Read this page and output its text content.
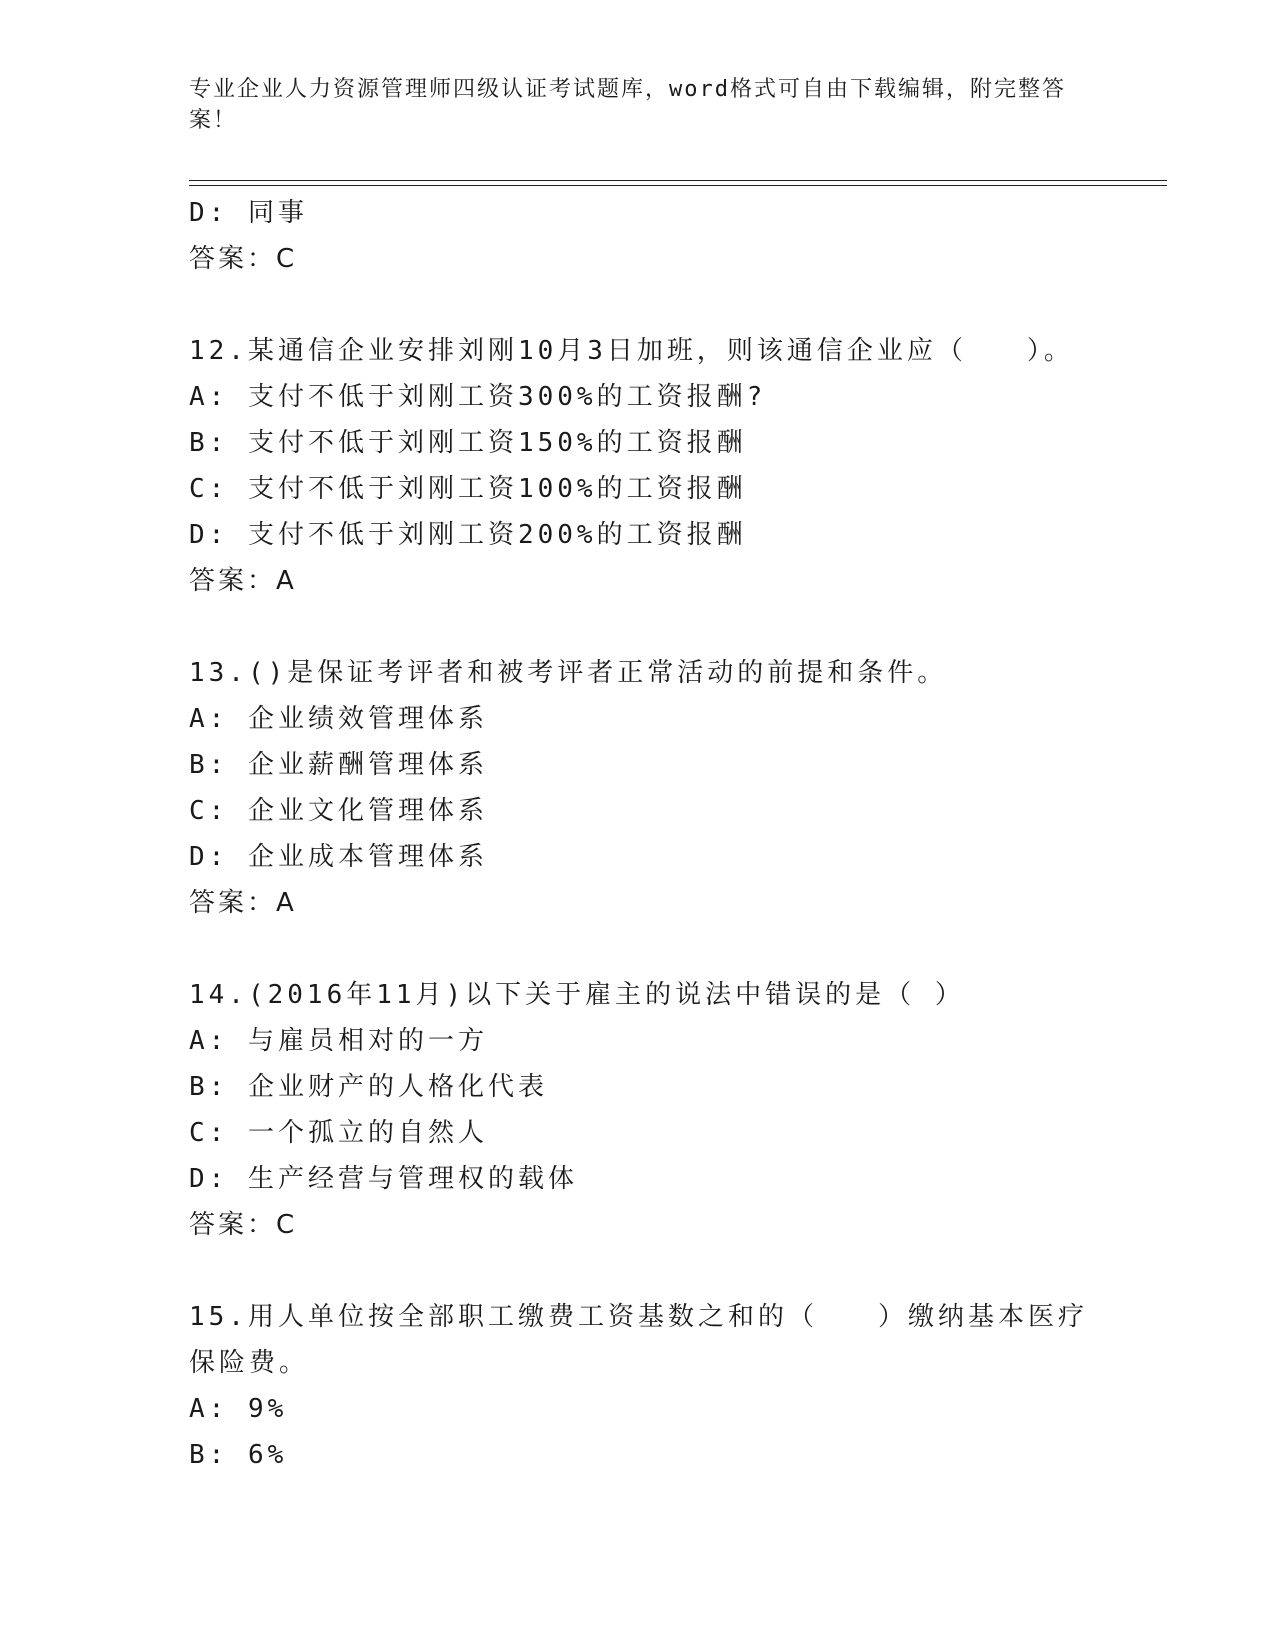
专业企业人力资源管理师四级认证考试题库，word格式可自由下载编辑，附完整答案！
D: 同事
答案：C
12.某通信企业安排刘刚10月3日加班，则该通信企业应（　　）。
A: 支付不低于刘刚工资300%的工资报酬?
B: 支付不低于刘刚工资150%的工资报酬
C: 支付不低于刘刚工资100%的工资报酬
D: 支付不低于刘刚工资200%的工资报酬
答案：A
13.()是保证考评者和被考评者正常活动的前提和条件。
A: 企业绩效管理体系
B: 企业薪酬管理体系
C: 企业文化管理体系
D: 企业成本管理体系
答案：A
14.(2016年11月)以下关于雇主的说法中错误的是（ ）
A: 与雇员相对的一方
B: 企业财产的人格化代表
C: 一个孤立的自然人
D: 生产经营与管理权的载体
答案：C
15.用人单位按全部职工缴费工资基数之和的（　　）缴纳基本医疗保险费。
A: 9%
B: 6%
